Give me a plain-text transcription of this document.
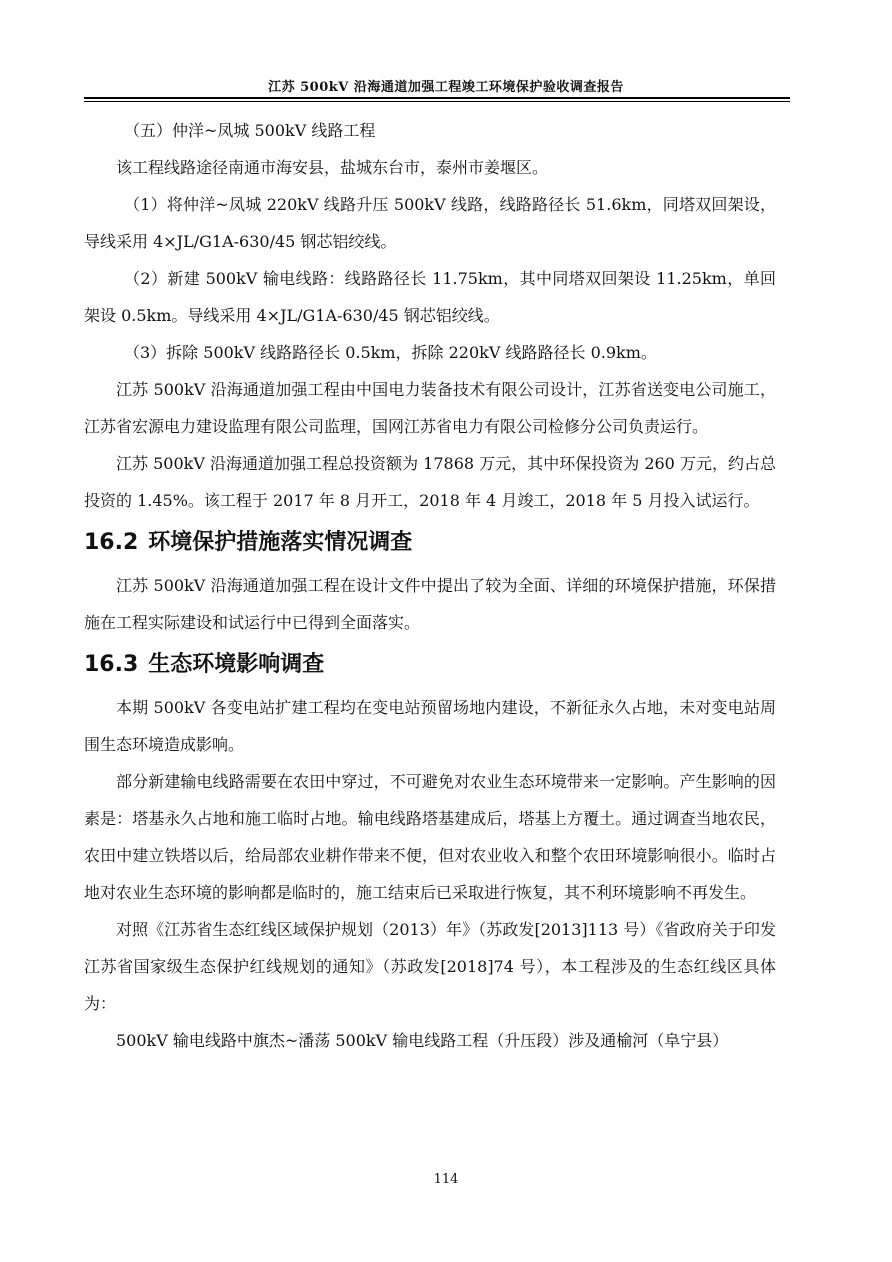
江苏 500kV 沿海通道加强工程竣工环境保护验收调查报告

（五）仲洋~凤城 500kV 线路工程

该工程线路途径南通市海安县，盐城东台市，泰州市姜堰区。

（1）将仲洋~凤城 220kV 线路升压 500kV 线路，线路路径长 51.6km，同塔双回架设，导线采用 4×JL/G1A-630/45 钢芯铝绞线。

（2）新建 500kV 输电线路：线路路径长 11.75km，其中同塔双回架设 11.25km，单回架设 0.5km。导线采用 4×JL/G1A-630/45 钢芯铝绞线。

（3）拆除 500kV 线路路径长 0.5km，拆除 220kV 线路路径长 0.9km。

江苏 500kV 沿海通道加强工程由中国电力装备技术有限公司设计，江苏省送变电公司施工，江苏省宏源电力建设监理有限公司监理，国网江苏省电力有限公司检修分公司负责运行。

江苏 500kV 沿海通道加强工程总投资额为 17868 万元，其中环保投资为 260 万元，约占总投资的 1.45%。该工程于 2017 年 8 月开工，2018 年 4 月竣工，2018 年 5 月投入试运行。

16.2 环境保护措施落实情况调查

江苏 500kV 沿海通道加强工程在设计文件中提出了较为全面、详细的环境保护措施，环保措施在工程实际建设和试运行中已得到全面落实。

16.3 生态环境影响调查

本期 500kV 各变电站扩建工程均在变电站预留场地内建设，不新征永久占地，未对变电站周围生态环境造成影响。

部分新建输电线路需要在农田中穿过，不可避免对农业生态环境带来一定影响。产生影响的因素是：塔基永久占地和施工临时占地。输电线路塔基建成后，塔基上方覆土。通过调查当地农民，农田中建立铁塔以后，给局部农业耕作带来不便，但对农业收入和整个农田环境影响很小。临时占地对农业生态环境的影响都是临时的，施工结束后已采取进行恢复，其不利环境影响不再发生。

对照《江苏省生态红线区域保护规划（2013）年》（苏政发[2013]113 号）《省政府关于印发江苏省国家级生态保护红线规划的通知》（苏政发[2018]74 号），本工程涉及的生态红线区具体为：

500kV 输电线路中旗杰~潘荡 500kV 输电线路工程（升压段）涉及通榆河（阜宁县）

114
